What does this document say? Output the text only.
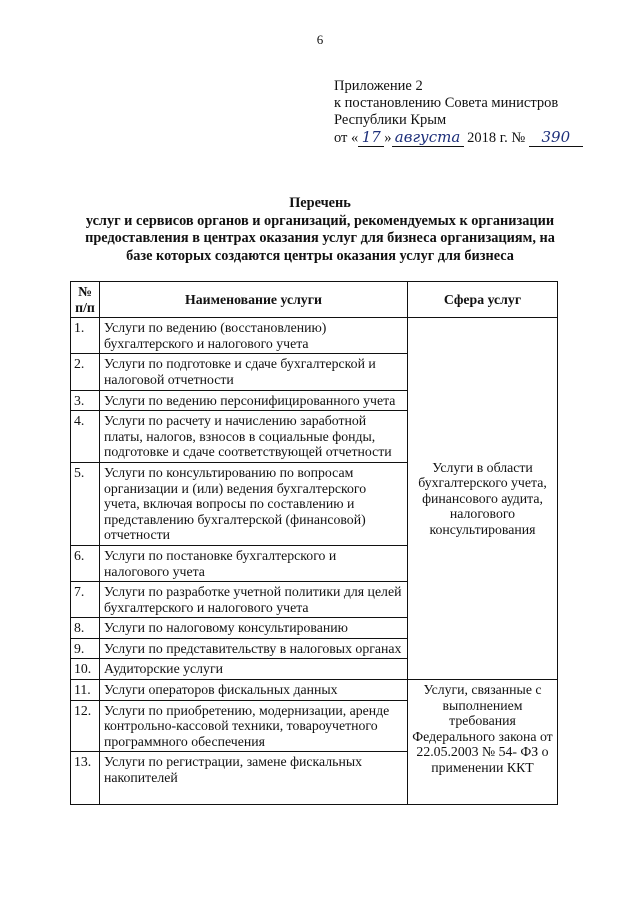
6
Приложение 2
к постановлению Совета министров
Республики Крым
от « 17 » августа 2018 г. № 390
Перечень
услуг и сервисов органов и организаций, рекомендуемых к организации
предоставления в центрах оказания услуг для бизнеса организациям, на
базе которых создаются центры оказания услуг для бизнеса
№ п/п	Наименование услуги	Сфера услуг
1.	Услуги по ведению (восстановлению) бухгалтерского и налогового учета	Услуги в области бухгалтерского учета, финансового аудита, налогового консультирования
2.	Услуги по подготовке и сдаче бухгалтерской и налоговой отчетности	
3.	Услуги по ведению персонифицированного учета	
4.	Услуги по расчету и начислению заработной платы, налогов, взносов в социальные фонды, подготовке и сдаче соответствующей отчетности	
5.	Услуги по консультированию по вопросам организации и (или) ведения бухгалтерского учета, включая вопросы по составлению и представлению бухгалтерской (финансовой) отчетности	
6.	Услуги по постановке бухгалтерского и налогового учета	
7.	Услуги по разработке учетной политики для целей бухгалтерского и налогового учета	
8.	Услуги по налоговому консультированию	
9.	Услуги по представительству в налоговых органах	
10.	Аудиторские услуги	
11.	Услуги операторов фискальных данных	Услуги, связанные с выполнением требования Федерального закона от 22.05.2003 № 54- ФЗ о применении ККТ
12.	Услуги по приобретению, модернизации, аренде контрольно-кассовой техники, товароучетного программного обеспечения	
13.	Услуги по регистрации, замене фискальных накопителей	
